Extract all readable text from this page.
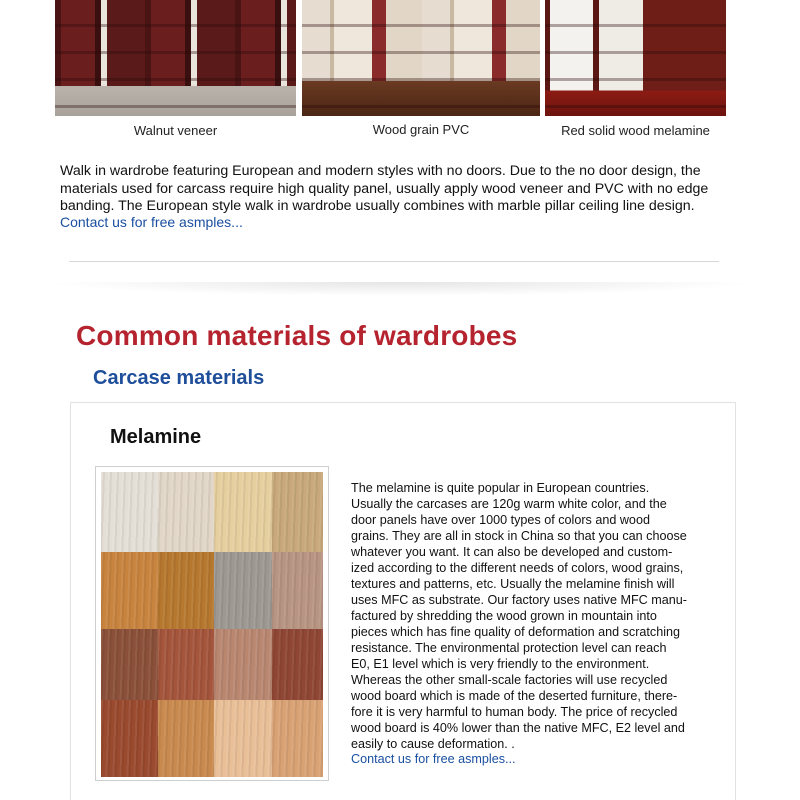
Walnut veneer	Wood grain PVC	Red solid wood melamine

Walk in wardrobe featuring European and modern styles with no doors. Due to the no door design, the materials used for carcass require high quality panel, usually apply wood veneer and PVC with no edge banding. The European style walk in wardrobe usually combines with marble pillar ceiling line design.

Contact us for free asmples...
Common materials of wardrobes
Carcase materials
Melamine
The melamine is quite popular in European countries.
Usually the carcases are 120g warm white color, and the
door panels have over 1000 types of colors and wood
grains. They are all in stock in China so that you can choose
whatever you want. It can also be developed and custom-
ized according to the different needs of colors, wood grains,
textures and patterns, etc. Usually the melamine finish will
uses MFC as substrate. Our factory uses native MFC manu-
factured by shredding the wood grown in mountain into
pieces which has fine quality of deformation and scratching
resistance. The environmental protection level can reach
E0, E1 level which is very friendly to the environment.
Whereas the other small-scale factories will use recycled
wood board which is made of the deserted furniture, there-
fore it is very harmful to human body. The price of recycled
wood board is 40% lower than the native MFC, E2 level and
easily to cause deformation. .
Contact us for free asmples...
